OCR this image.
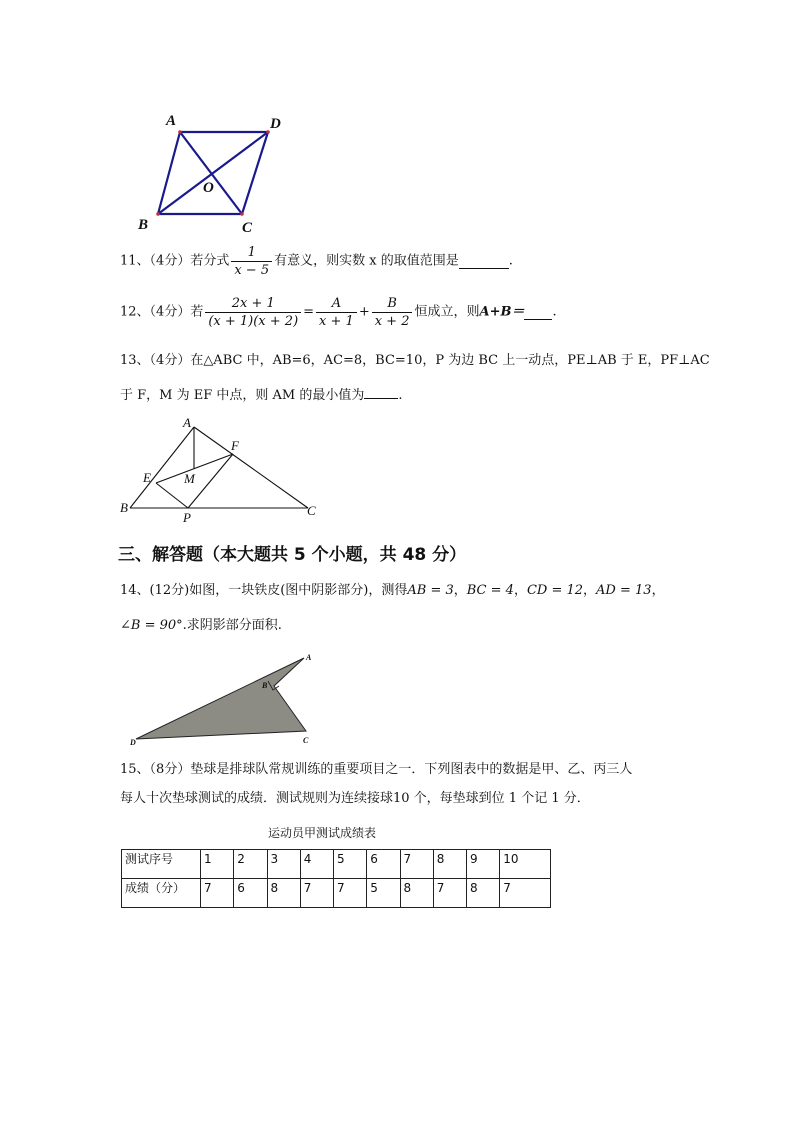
A	D
B	C
O
11、（4分）若分式 $\frac{1}{x - 5}$ 有意义，则实数 x 的取值范围是	.
12、（4分）若 $\frac{2x + 1}{(x + 1)(x + 2)} = \frac{A}{x + 1} + \frac{B}{x + 2}$ 恒成立，则A+B＝ .
13、（4分）在△ABC 中，AB=6，AC=8，BC=10，P 为边 BC 上一动点，PE⊥AB 于 E，PF⊥AC
于 F，M 为 EF 中点，则 AM 的最小值为	.
A
F
E	M
B
P	C
三、解答题（本大题共 5 个小题，共 48 分）
14、(12分)如图，一块铁皮(图中阴影部分)，测得AB = 3，BC = 4，CD = 12，AD = 13，
∠B = 90°.求阴影部分面积.
A
B
C
D
15、（8分）垫球是排球队常规训练的重要项目之一．下列图表中的数据是甲、乙、丙三人
每人十次垫球测试的成绩．测试规则为连续接球10 个，每垫球到位 1 个记 1 分．
运动员甲测试成绩表
测试序号	1	2	3	4	5	6	7	8	9	10
成绩（分）	7	6	8	7	7	5	8	7	8	7
